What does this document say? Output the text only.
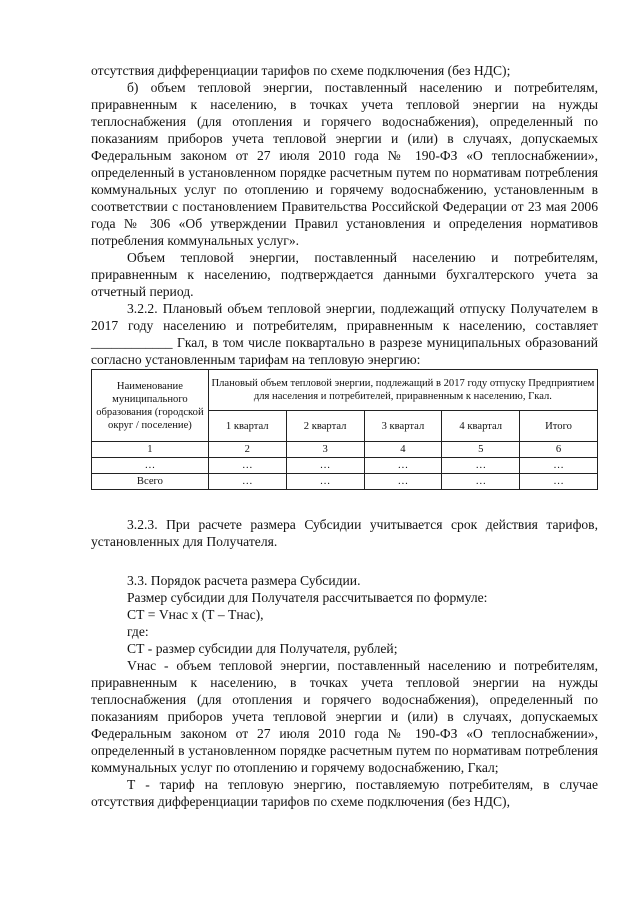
отсутствия дифференциации тарифов по схеме подключения (без НДС);

б) объем тепловой энергии, поставленный населению и потребителям, приравненным к населению, в точках учета тепловой энергии на нужды теплоснабжения (для отопления и горячего водоснабжения), определенный по показаниям приборов учета тепловой энергии и (или) в случаях, допускаемых Федеральным законом от 27 июля 2010 года № 190-ФЗ «О теплоснабжении», определенный в установленном порядке расчетным путем по нормативам потребления коммунальных услуг по отоплению и горячему водоснабжению, установленным в соответствии с постановлением Правительства Российской Федерации от 23 мая 2006 года № 306 «Об утверждении Правил установления и определения нормативов потребления коммунальных услуг».

Объем тепловой энергии, поставленный населению и потребителям, приравненным к населению, подтверждается данными бухгалтерского учета за отчетный период.

3.2.2. Плановый объем тепловой энергии, подлежащий отпуску Получателем в 2017 году населению и потребителям, приравненным к населению, составляет ____________ Гкал, в том числе поквартально в разрезе муниципальных образований согласно установленным тарифам на тепловую энергию:

Наименование муниципального образования (городской округ / поселение)	Плановый объем тепловой энергии, подлежащий в 2017 году отпуску Предприятием для населения и потребителей, приравненным к населению, Гкал.				
	1 квартал	2 квартал	3 квартал	4 квартал	Итого
1	2	3	4	5	6
…	…	…	…	…	…
Всего	…	…	…	…	…

3.2.3. При расчете размера Субсидии учитывается срок действия тарифов, установленных для Получателя.

3.3. Порядок расчета размера Субсидии.

Размер субсидии для Получателя рассчитывается по формуле:

СТ = Vнас x (Т – Тнас),

где:

СТ - размер субсидии для Получателя, рублей;

Vнас - объем тепловой энергии, поставленный населению и потребителям, приравненным к населению, в точках учета тепловой энергии на нужды теплоснабжения (для отопления и горячего водоснабжения), определенный по показаниям приборов учета тепловой энергии и (или) в случаях, допускаемых Федеральным законом от 27 июля 2010 года № 190-ФЗ «О теплоснабжении», определенный в установленном порядке расчетным путем по нормативам потребления коммунальных услуг по отоплению и горячему водоснабжению, Гкал;

Т - тариф на тепловую энергию, поставляемую потребителям, в случае отсутствия дифференциации тарифов по схеме подключения (без НДС),
